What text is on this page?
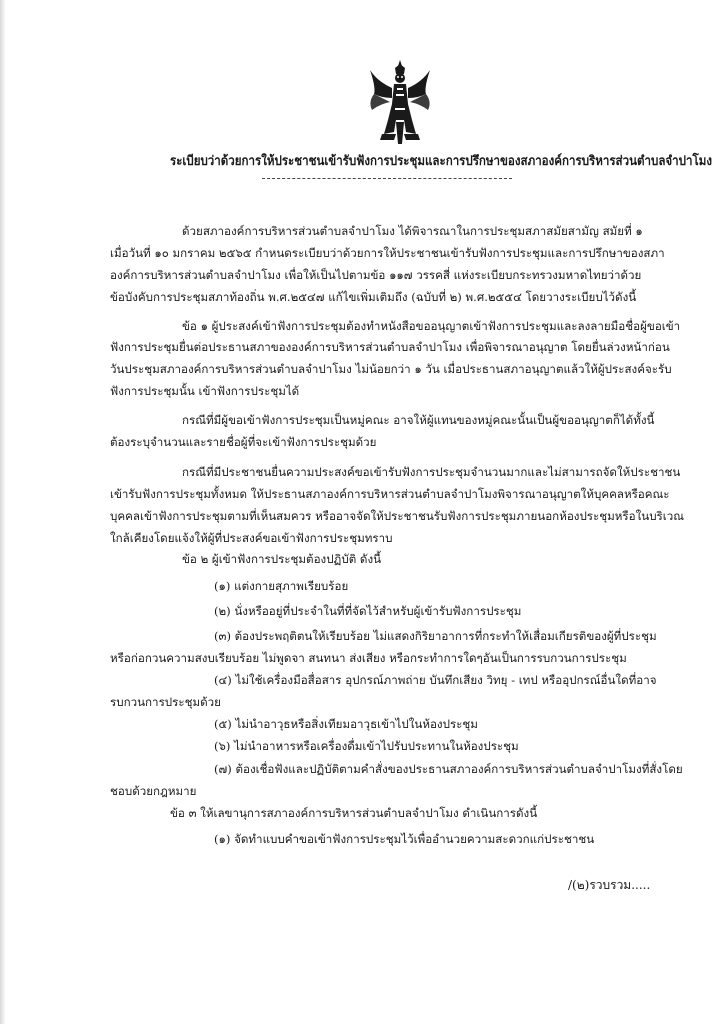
ระเบียบว่าด้วยการให้ประชาชนเข้ารับฟังการประชุมและการปรึกษาของสภาองค์การบริหารส่วนตำบลจำปาโมง
ด้วยสภาองค์การบริหารส่วนตำบลจำปาโมง ได้พิจารณาในการประชุมสภาสมัยสามัญ สมัยที่ ๑
เมื่อวันที่ ๑๐ มกราคม ๒๕๖๕ กำหนดระเบียบว่าด้วยการให้ประชาชนเข้ารับฟังการประชุมและการปรึกษาของสภา
องค์การบริหารส่วนตำบลจำปาโมง เพื่อให้เป็นไปตามข้อ ๑๑๗ วรรคสี่ แห่งระเบียบกระทรวงมหาดไทยว่าด้วย
ข้อบังคับการประชุมสภาท้องถิ่น พ.ศ.๒๕๔๗ แก้ไขเพิ่มเติมถึง (ฉบับที่ ๒) พ.ศ.๒๕๕๔ โดยวางระเบียบไว้ดังนี้
ข้อ ๑ ผู้ประสงค์เข้าฟังการประชุมต้องทำหนังสือขออนุญาตเข้าฟังการประชุมและลงลายมือชื่อผู้ขอเข้า
ฟังการประชุมยื่นต่อประธานสภาขององค์การบริหารส่วนตำบลจำปาโมง เพื่อพิจารณาอนุญาต โดยยื่นล่วงหน้าก่อน
วันประชุมสภาองค์การบริหารส่วนตำบลจำปาโมง ไม่น้อยกว่า ๑ วัน เมื่อประธานสภาอนุญาตแล้วให้ผู้ประสงค์จะรับ
ฟังการประชุมนั้น เข้าฟังการประชุมได้
กรณีที่มีผู้ขอเข้าฟังการประชุมเป็นหมู่คณะ อาจให้ผู้แทนของหมู่คณะนั้นเป็นผู้ขออนุญาตก็ได้ทั้งนี้
ต้องระบุจำนวนและรายชื่อผู้ที่จะเข้าฟังการประชุมด้วย
กรณีที่มีประชาชนยื่นความประสงค์ขอเข้ารับฟังการประชุมจำนวนมากและไม่สามารถจัดให้ประชาชน
เข้ารับฟังการประชุมทั้งหมด ให้ประธานสภาองค์การบริหารส่วนตำบลจำปาโมงพิจารณาอนุญาตให้บุคคลหรือคณะ
บุคคลเข้าฟังการประชุมตามที่เห็นสมควร หรืออาจจัดให้ประชาชนรับฟังการประชุมภายนอกห้องประชุมหรือในบริเวณ
ใกล้เคียงโดยแจ้งให้ผู้ที่ประสงค์ขอเข้าฟังการประชุมทราบ
ข้อ ๒ ผู้เข้าฟังการประชุมต้องปฏิบัติ ดังนี้
(๑) แต่งกายสุภาพเรียบร้อย
(๒) นั่งหรืออยู่ที่ประจำในที่ที่จัดไว้สำหรับผู้เข้ารับฟังการประชุม
(๓) ต้องประพฤติตนให้เรียบร้อย ไม่แสดงกิริยาอาการที่กระทำให้เสื่อมเกียรติของผู้ที่ประชุม
หรือก่อกวนความสงบเรียบร้อย ไม่พูดจา สนทนา ส่งเสียง หรือกระทำการใดๆอันเป็นการรบกวนการประชุม
(๔) ไม่ใช้เครื่องมือสื่อสาร อุปกรณ์ภาพถ่าย บันทึกเสียง วิทยุ - เทป หรืออุปกรณ์อื่นใดที่อาจ
รบกวนการประชุมด้วย
(๕) ไม่นำอาวุธหรือสิ่งเทียมอาวุธเข้าไปในห้องประชุม
(๖) ไม่นำอาหารหรือเครื่องดื่มเข้าไปรับประทานในห้องประชุม
(๗) ต้องเชื่อฟังและปฏิบัติตามคำสั่งของประธานสภาองค์การบริหารส่วนตำบลจำปาโมงที่สั่งโดย
ชอบด้วยกฎหมาย
ข้อ ๓ ให้เลขานุการสภาองค์การบริหารส่วนตำบลจำปาโมง ดำเนินการดังนี้
(๑) จัดทำแบบคำขอเข้าฟังการประชุมไว้เพื่ออำนวยความสะดวกแก่ประชาชน
/(๒)รวบรวม.....
